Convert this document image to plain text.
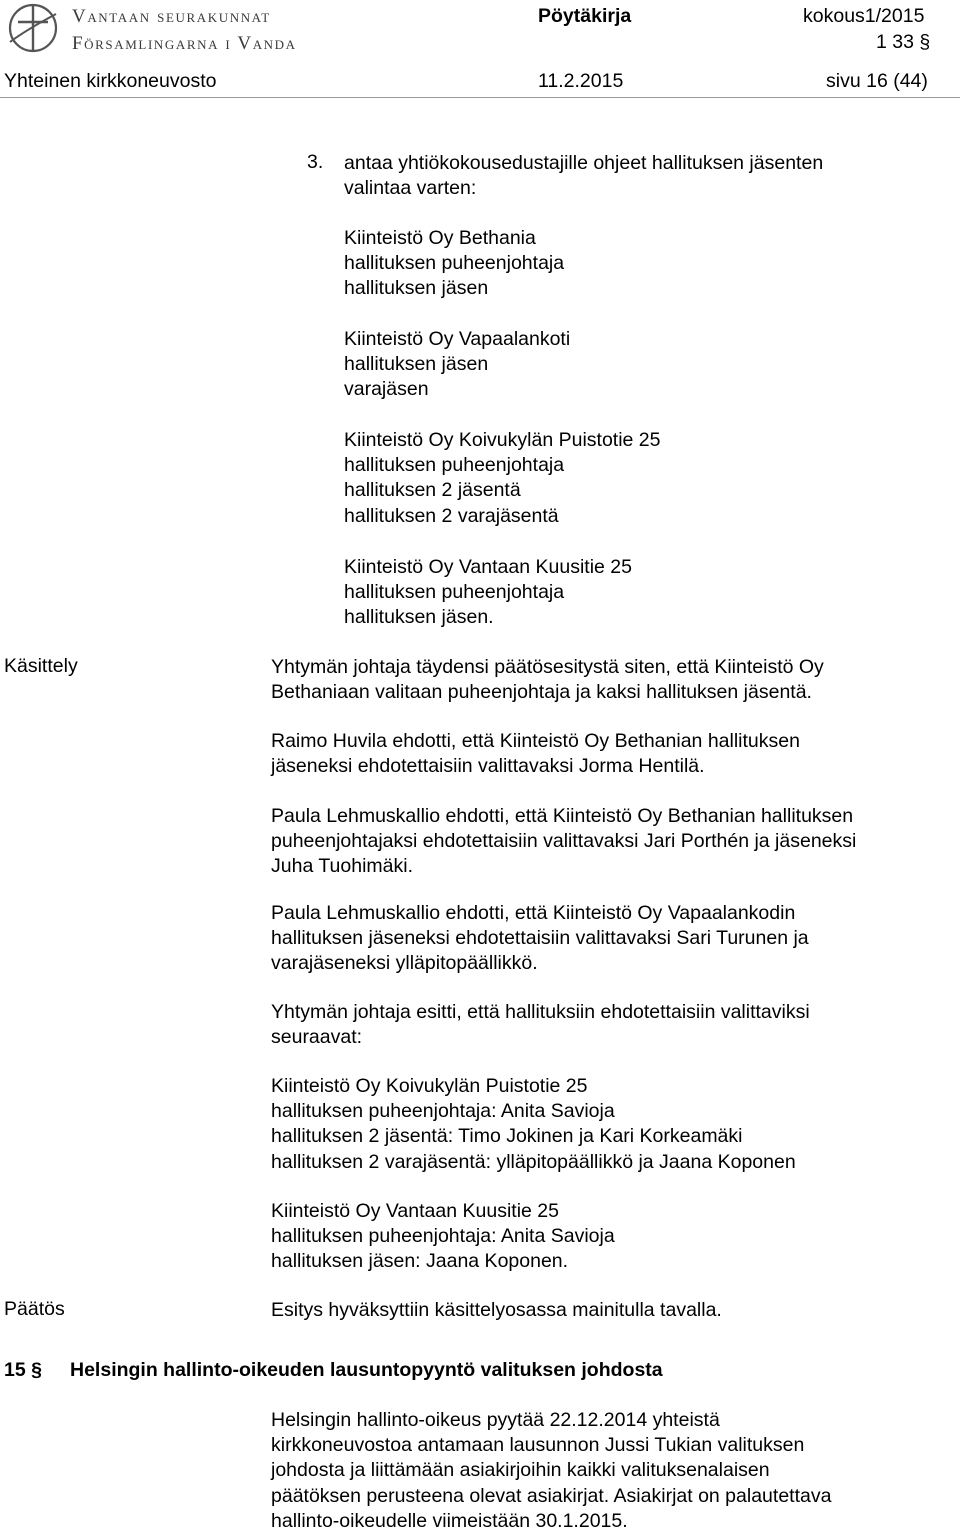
Vantaan seurakunnat
Församlingarna i Vanda
Pöytäkirja	kokous1/2015
1 33 §
Yhteinen kirkkoneuvosto	11.2.2015	sivu 16 (44)
3. antaa yhtiökokousedustajille ohjeet hallituksen jäsenten
valintaa varten:
Kiinteistö Oy Bethania
hallituksen puheenjohtaja
hallituksen jäsen
Kiinteistö Oy Vapaalankoti
hallituksen jäsen
varajäsen
Kiinteistö Oy Koivukylän Puistotie 25
hallituksen puheenjohtaja
hallituksen 2 jäsentä
hallituksen 2 varajäsentä
Kiinteistö Oy Vantaan Kuusitie 25
hallituksen puheenjohtaja
hallituksen jäsen.
Käsittely	Yhtymän johtaja täydensi päätösesitystä siten, että Kiinteistö Oy
Bethaniaan valitaan puheenjohtaja ja kaksi hallituksen jäsentä.
Raimo Huvila ehdotti, että Kiinteistö Oy Bethanian hallituksen
jäseneksi ehdotettaisiin valittavaksi Jorma Hentilä.
Paula Lehmuskallio ehdotti, että Kiinteistö Oy Bethanian hallituksen
puheenjohtajaksi ehdotettaisiin valittavaksi Jari Porthén ja jäseneksi
Juha Tuohimäki.
Paula Lehmuskallio ehdotti, että Kiinteistö Oy Vapaalankodin
hallituksen jäseneksi ehdotettaisiin valittavaksi Sari Turunen ja
varajäseneksi ylläpitopäällikkö.
Yhtymän johtaja esitti, että hallituksiin ehdotettaisiin valittaviksi
seuraavat:
Kiinteistö Oy Koivukylän Puistotie 25
hallituksen puheenjohtaja: Anita Savioja
hallituksen 2 jäsentä: Timo Jokinen ja Kari Korkeamäki
hallituksen 2 varajäsentä: ylläpitopäällikkö ja Jaana Koponen
Kiinteistö Oy Vantaan Kuusitie 25
hallituksen puheenjohtaja: Anita Savioja
hallituksen jäsen: Jaana Koponen.
Päätös	Esitys hyväksyttiin käsittelyosassa mainitulla tavalla.
15 § Helsingin hallinto-oikeuden lausuntopyyntö valituksen johdosta
Helsingin hallinto-oikeus pyytää 22.12.2014 yhteistä
kirkkoneuvostoa antamaan lausunnon Jussi Tukian valituksen
johdosta ja liittämään asiakirjoihin kaikki valituksenalaisen
päätöksen perusteena olevat asiakirjat. Asiakirjat on palautettava
hallinto-oikeudelle viimeistään 30.1.2015.
